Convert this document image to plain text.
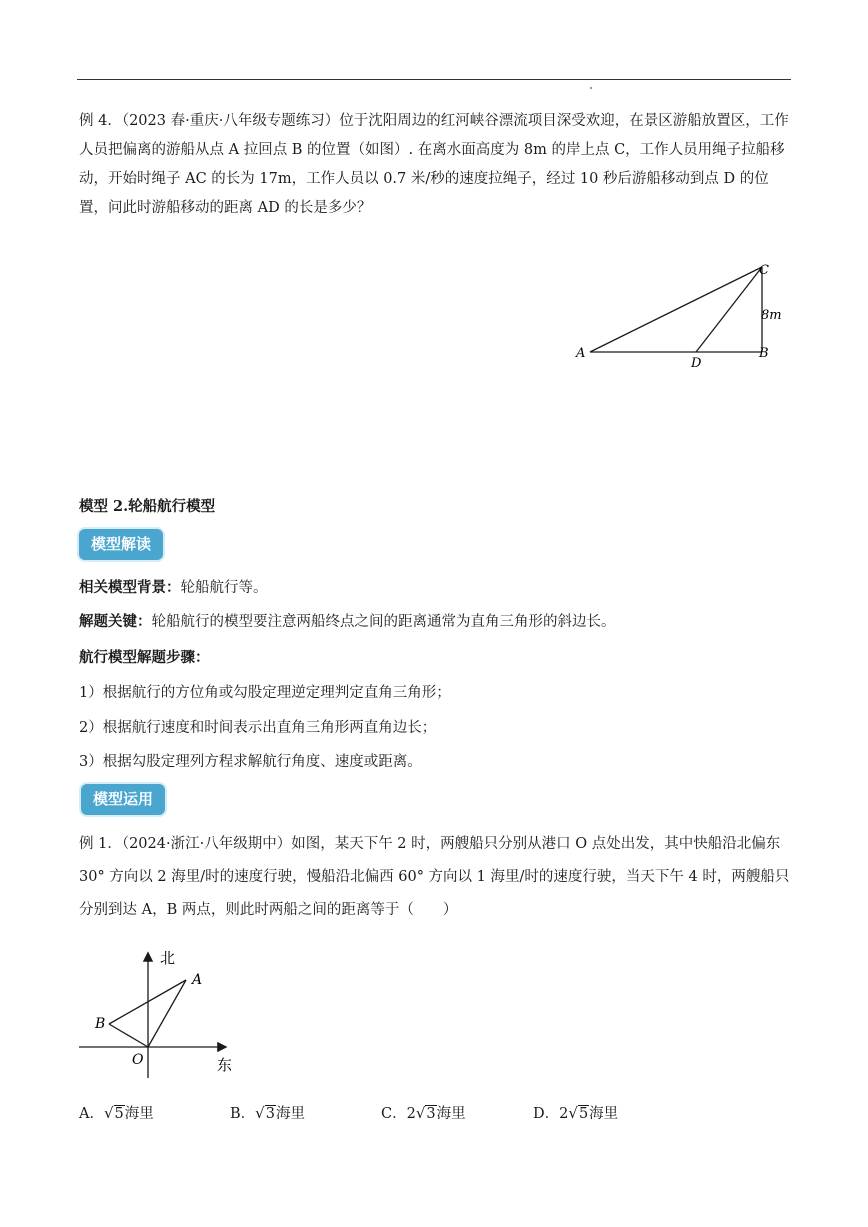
例 4．（2023 春·重庆·八年级专题练习）位于沈阳周边的红河峡谷漂流项目深受欢迎，在景区游船放置区，工作人员把偏离的游船从点 A 拉回点 B 的位置（如图）. 在离水面高度为 8m 的岸上点 C，工作人员用绳子拉船移动，开始时绳子 AC 的长为 17m，工作人员以 0.7 米/秒的速度拉绳子，经过 10 秒后游船移动到点 D 的位置，问此时游船移动的距离 AD 的长是多少？
A	B
C
D
8m
模型 2.轮船航行模型
模型解读
相关模型背景：轮船航行等。
解题关键：轮船航行的模型要注意两船终点之间的距离通常为直角三角形的斜边长。
航行模型解题步骤：
1）根据航行的方位角或勾股定理逆定理判定直角三角形；
2）根据航行速度和时间表示出直角三角形两直角边长；
3）根据勾股定理列方程求解航行角度、速度或距离。
模型运用
例 1．（2024·浙江·八年级期中）如图，某天下午 2 时，两艘船只分别从港口 O 点处出发，其中快船沿北偏东 30° 方向以 2 海里/时的速度行驶，慢船沿北偏西 60° 方向以 1 海里/时的速度行驶，当天下午 4 时，两艘船只分别到达 A，B 两点，则此时两船之间的距离等于（　　）
北
东
O
A
B
A．√5海里	B．√3海里	C．2√3海里	D．2√5海里
